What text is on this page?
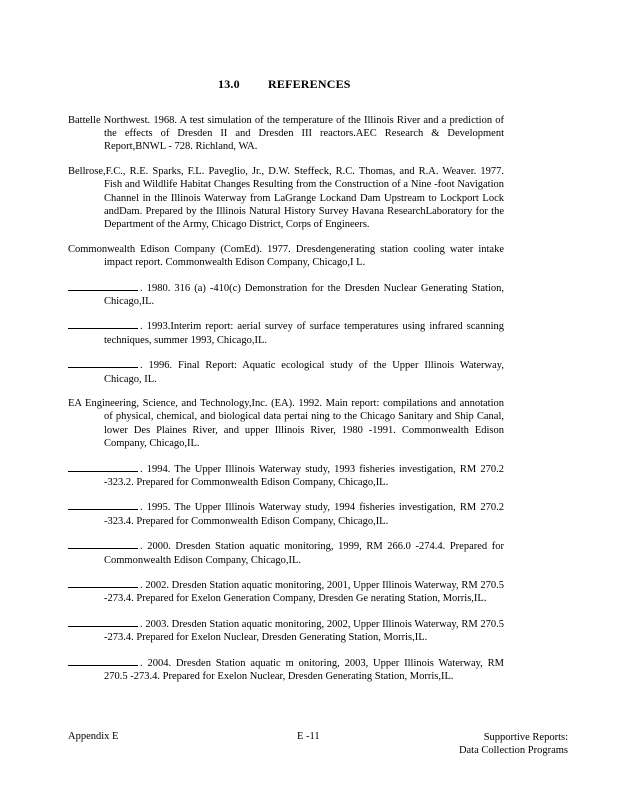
13.0 REFERENCES

Battelle Northwest. 1968. A test simulation of the temperature of the Illinois River and a prediction of the effects of Dresden II and Dresden III reactors.AEC Research & Development Report,BNWL - 728. Richland, WA.

Bellrose,F.C., R.E. Sparks, F.L. Paveglio, Jr., D.W. Steffeck, R.C. Thomas, and R.A. Weaver. 1977. Fish and Wildlife Habitat Changes Resulting from the Construction of a Nine -foot Navigation Channel in the Illinois Waterway from LaGrange Lockand Dam Upstream to Lockport Lock andDam. Prepared by the Illinois Natural History Survey Havana ResearchLaboratory for the Department of the Army, Chicago District, Corps of Engineers.

Commonwealth Edison Company (ComEd). 1977. Dresdengenerating station cooling water intake impact report. Commonwealth Edison Company, Chicago,I L.

. 1980. 316 (a) -410(c) Demonstration for the Dresden Nuclear Generating Station, Chicago,IL.

. 1993.Interim report: aerial survey of surface temperatures using infrared scanning techniques, summer 1993, Chicago,IL.

. 1996. Final Report: Aquatic ecological study of the Upper Illinois Waterway, Chicago, IL.

EA Engineering, Science, and Technology,Inc. (EA). 1992. Main report: compilations and annotation of physical, chemical, and biological data pertai ning to the Chicago Sanitary and Ship Canal, lower Des Plaines River, and upper Illinois River, 1980 -1991. Commonwealth Edison Company, Chicago,IL.

. 1994. The Upper Illinois Waterway study, 1993 fisheries investigation, RM 270.2 -323.2. Prepared for Commonwealth Edison Company, Chicago,IL.

. 1995. The Upper Illinois Waterway study, 1994 fisheries investigation, RM 270.2 -323.4. Prepared for Commonwealth Edison Company, Chicago,IL.

. 2000. Dresden Station aquatic monitoring, 1999, RM 266.0 -274.4. Prepared for Commonwealth Edison Company, Chicago,IL.

. 2002. Dresden Station aquatic monitoring, 2001, Upper Illinois Waterway, RM 270.5 -273.4. Prepared for Exelon Generation Company, Dresden Ge nerating Station, Morris,IL.

. 2003. Dresden Station aquatic monitoring, 2002, Upper Illinois Waterway, RM 270.5 -273.4. Prepared for Exelon Nuclear, Dresden Generating Station, Morris,IL.

. 2004. Dresden Station aquatic m onitoring, 2003, Upper Illinois Waterway, RM 270.5 -273.4. Prepared for Exelon Nuclear, Dresden Generating Station, Morris,IL.

Appendix E	E -11	Supportive Reports:
Data Collection Programs
